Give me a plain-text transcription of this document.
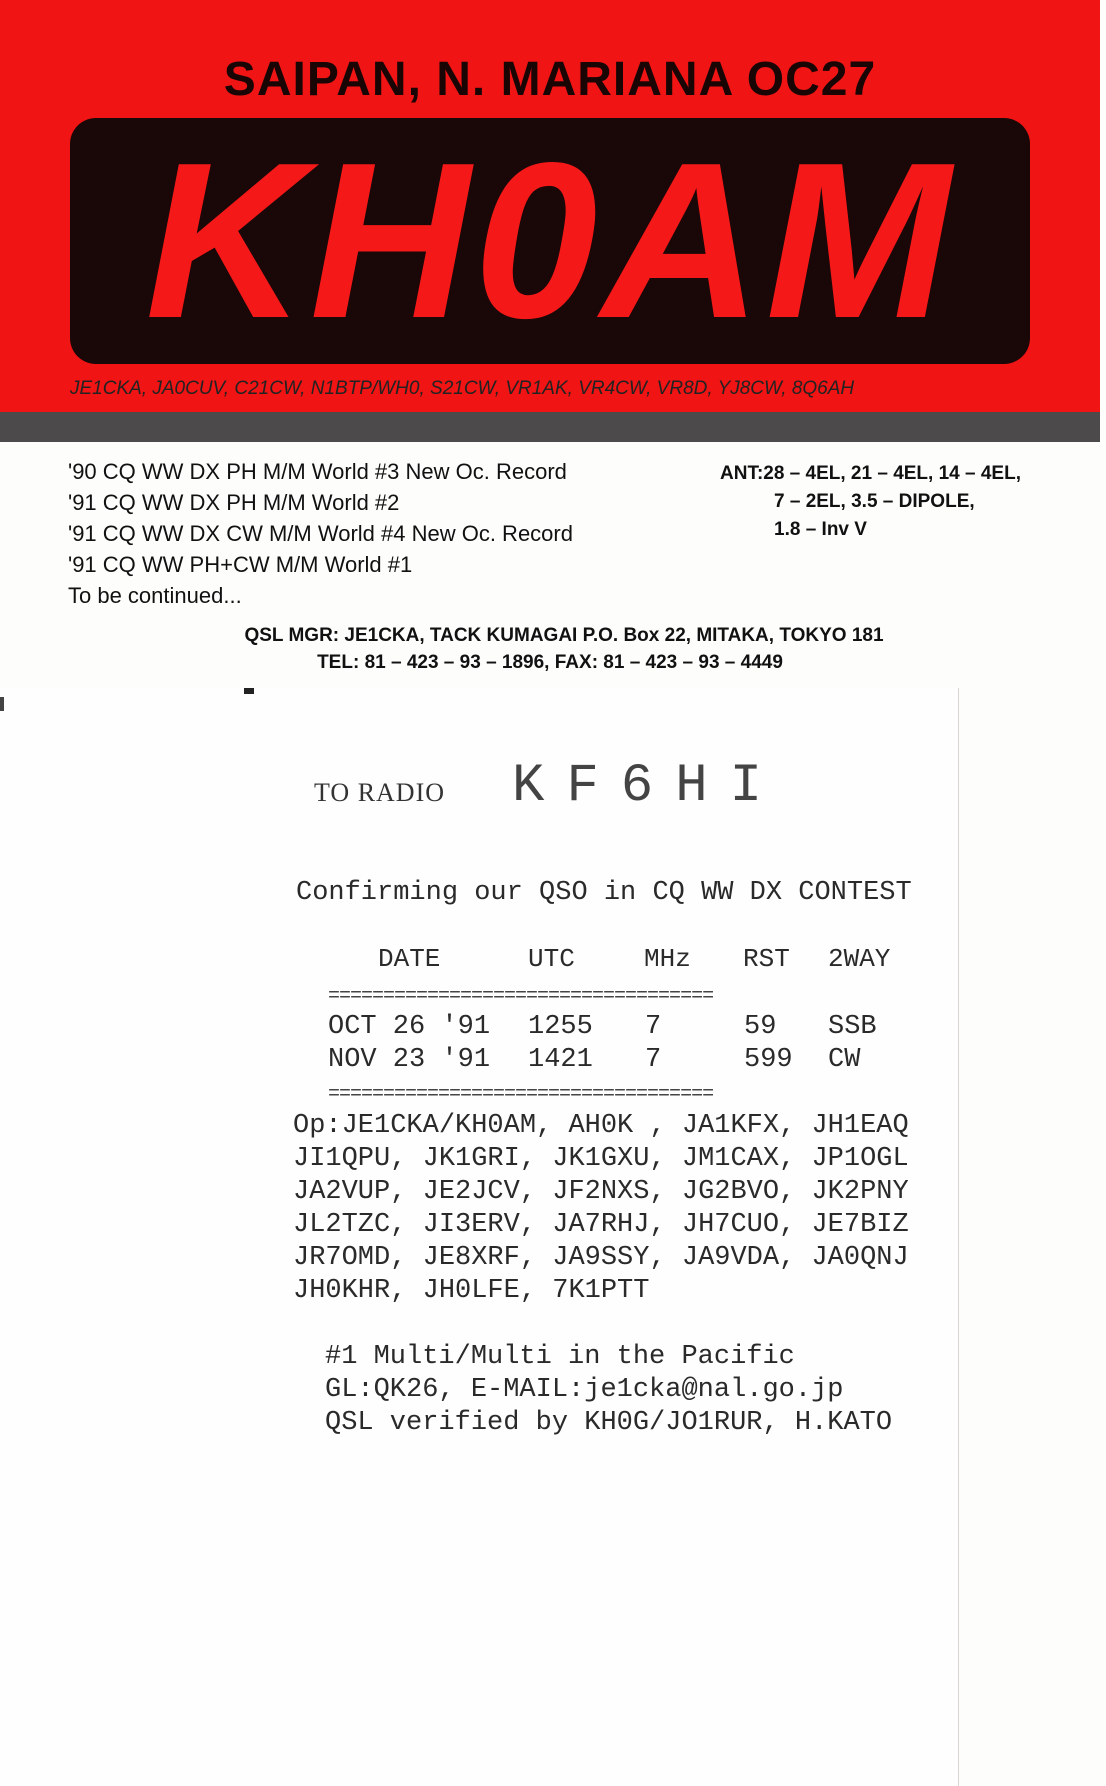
SAIPAN, N. MARIANA OC27
KH0AM
JE1CKA, JA0CUV, C21CW, N1BTP/WH0, S21CW, VR1AK, VR4CW, VR8D, YJ8CW, 8Q6AH
'90 CQ WW DX PH M/M World #3 New Oc. Record
'91 CQ WW DX PH M/M World #2
'91 CQ WW DX CW M/M World #4 New Oc. Record
'91 CQ WW PH+CW M/M World #1
To be continued...
ANT:28 – 4EL, 21 – 4EL, 14 – 4EL,
7 – 2EL, 3.5 – DIPOLE,
1.8 – Inv V
QSL MGR: JE1CKA, TACK KUMAGAI P.O. Box 22, MITAKA, TOKYO 181
TEL: 81 – 423 – 93 – 1896, FAX: 81 – 423 – 93 – 4449
TO RADIO KF6HI
Confirming our QSO in CQ WW DX CONTEST
DATE	UTC	MHz RST 2WAY
===================================
OCT 26 '91 1255 7	59 SSB
NOV 23 '91 1421 7	599 CW
===================================
Op:JE1CKA/KH0AM, AH0K , JA1KFX, JH1EAQ
JI1QPU, JK1GRI, JK1GXU, JM1CAX, JP1OGL
JA2VUP, JE2JCV, JF2NXS, JG2BVO, JK2PNY
JL2TZC, JI3ERV, JA7RHJ, JH7CUO, JE7BIZ
JR7OMD, JE8XRF, JA9SSY, JA9VDA, JA0QNJ
JH0KHR, JH0LFE, 7K1PTT
#1 Multi/Multi in the Pacific
GL:QK26, E-MAIL:je1cka@nal.go.jp
QSL verified by KH0G/JO1RUR, H.KATO
